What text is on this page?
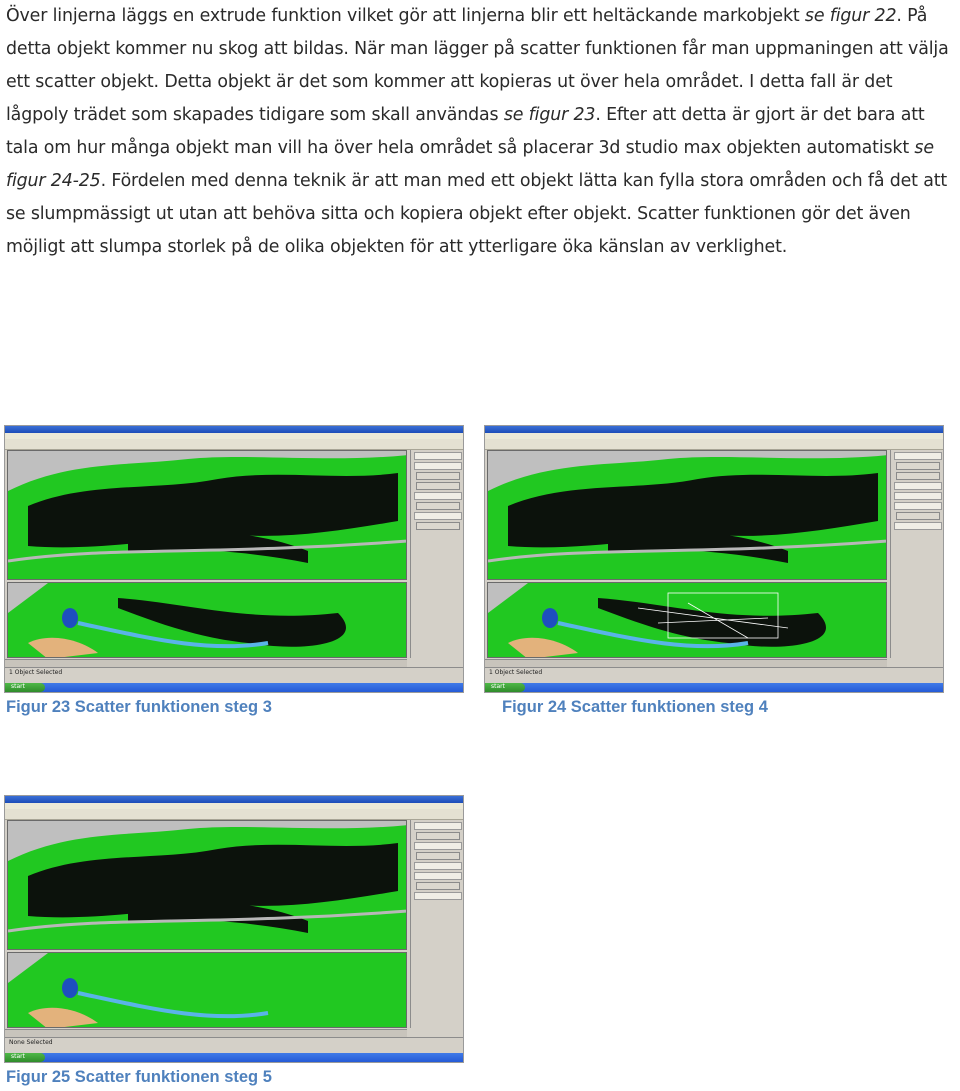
Över linjerna läggs en extrude funktion vilket gör att linjerna blir ett heltäckande markobjekt se figur 22. På detta objekt kommer nu skog att bildas. När man lägger på scatter funktionen får man uppmaningen att välja ett scatter objekt. Detta objekt är det som kommer att kopieras ut över hela området. I detta fall är det lågpoly trädet som skapades tidigare som skall användas se figur 23. Efter att detta är gjort är det bara att tala om hur många objekt man vill ha över hela området så placerar 3d studio max objekten automatiskt se figur 24-25. Fördelen med denna teknik är att man med ett objekt lätta kan fylla stora områden och få det att se slumpmässigt ut utan att behöva sitta och kopiera objekt efter objekt. Scatter funktionen gör det även möjligt att slumpa storlek på de olika objekten för att ytterligare öka känslan av verklighet.
1 Object Selected
start
Figur 23 Scatter funktionen steg 3
1 Object Selected
start
Figur 24 Scatter funktionen steg 4
None Selected
start
Figur 25 Scatter funktionen steg 5
